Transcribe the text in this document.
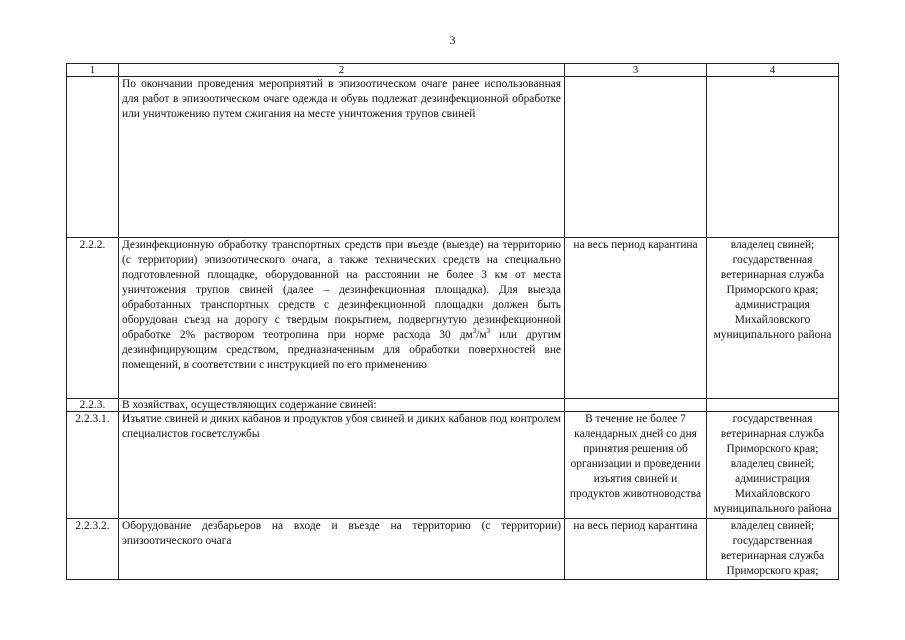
3
1	2	3	4
	По окончании проведения мероприятий в эпизоотическом очаге ранее использованная для работ в эпизоотическом очаге одежда и обувь подлежат дезинфекционной обработке или уничтожению путем сжигания на месте уничтожения трупов свиней		
2.2.2.	Дезинфекционную обработку транспортных средств при въезде (выезде) на территорию (с территории) эпизоотического очага, а также технических средств на специально подготовленной площадке, оборудованной на расстоянии не более 3 км от места уничтожения трупов свиней (далее – дезинфекционная площадка). Для выезда обработанных транспортных средств с дезинфекционной площадки должен быть оборудован съезд на дорогу с твердым покрытием, подвергнутую дезинфекционной обработке 2% раствором теотропина при норме расхода 30 $дм^3/м^3$ или другим дезинфицирующим средством, предназначенным для обработки поверхностей вне помещений, в соответствии с инструкцией по его применению	на весь период карантина	владелец свиней; государственная ветеринарная служба Приморского края; администрация Михайловского муниципального района
2.2.3.	В хозяйствах, осуществляющих содержание свиней:		
2.2.3.1.	Изъятие свиней и диких кабанов и продуктов убоя свиней и диких кабанов под контролем специалистов госветслужбы	В течение не более 7 календарных дней со дня принятия решения об организации и проведении изъятия свиней и продуктов животноводства	государственная ветеринарная служба Приморского края; владелец свиней; администрация Михайловского муниципального района
2.2.3.2.	Оборудование дезбарьеров на входе и въезде на территорию (с территории) эпизоотического очага	на весь период карантина	владелец свиней; государственная ветеринарная служба Приморского края;
